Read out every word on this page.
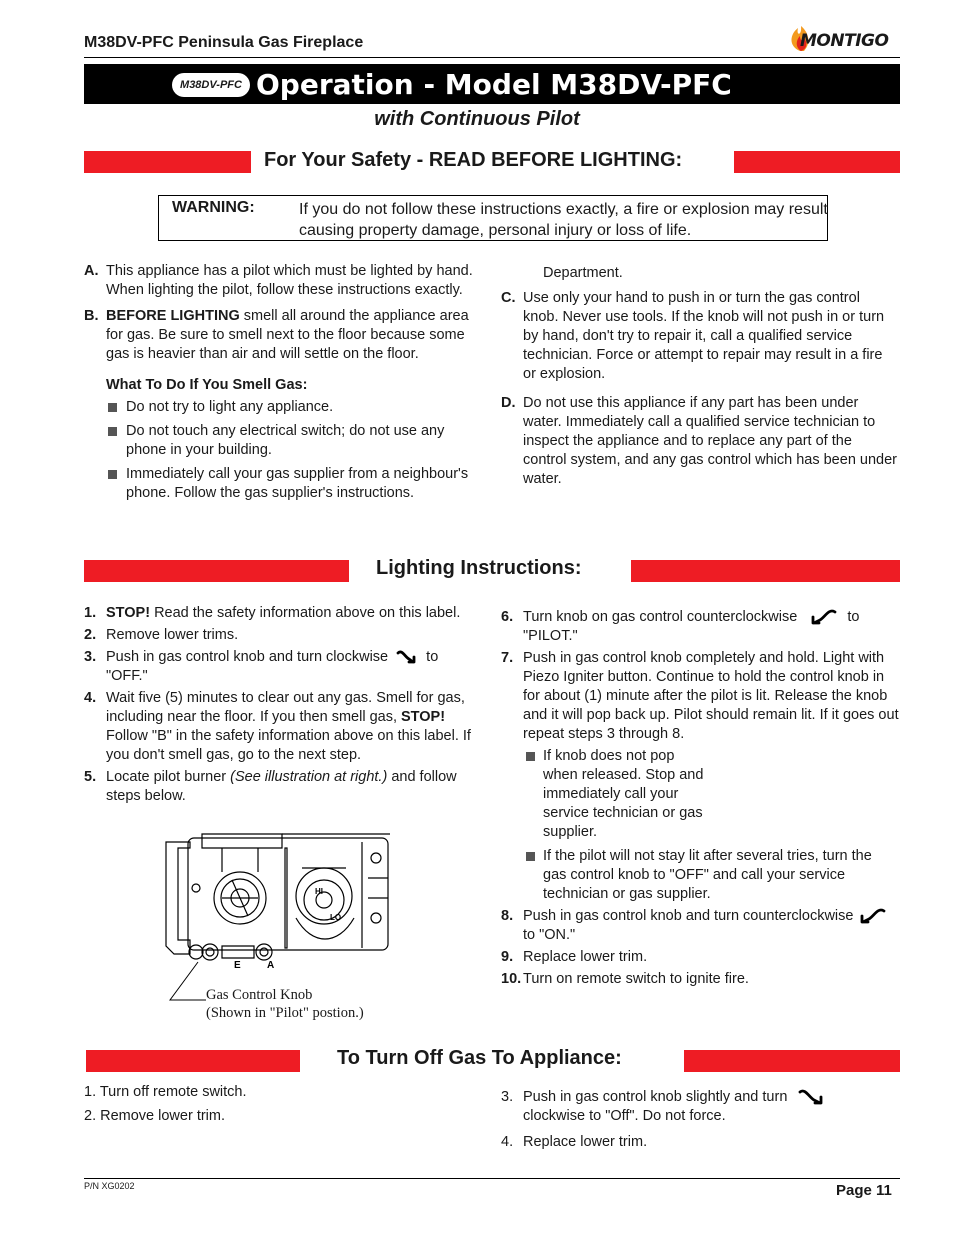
M38DV-PFC Peninsula Gas Fireplace	MONTIGO
M38DV-PFC Operation - Model M38DV-PFC
with Continuous Pilot
For Your Safety - READ BEFORE LIGHTING:
WARNING:	If you do not follow these instructions exactly, a fire or explosion may result causing property damage, personal injury or loss of life.
A. This appliance has a pilot which must be lighted by hand. When lighting the pilot, follow these instructions exactly.
B. BEFORE LIGHTING smell all around the appliance area for gas. Be sure to smell next to the floor because some gas is heavier than air and will settle on the floor.
What To Do If You Smell Gas:
Do not try to light any appliance.
Do not touch any electrical switch; do not use any phone in your building.
Immediately call your gas supplier from a neighbour's phone. Follow the gas supplier's instructions.
Department.
C. Use only your hand to push in or turn the gas control knob. Never use tools. If the knob will not push in or turn by hand, don't try to repair it, call a qualified service technician. Force or attempt to repair may result in a fire or explosion.
D. Do not use this appliance if any part has been under water. Immediately call a qualified service technician to inspect the appliance and to replace any part of the control system, and any gas control which has been under water.
Lighting Instructions:
1. STOP! Read the safety information above on this label.
2. Remove lower trims.
3. Push in gas control knob and turn clockwise	to "OFF."
4. Wait five (5) minutes to clear out any gas. Smell for gas, including near the floor. If you then smell gas, STOP! Follow "B" in the safety information above on this label. If you don't smell gas, go to the next step.
5. Locate pilot burner (See illustration at right.) and follow steps below.
E	A
HI
LO
Gas Control Knob
(Shown in "Pilot" postion.)
6. Turn knob on gas control counterclockwise	to "PILOT."
7. Push in gas control knob completely and hold. Light with Piezo Igniter button. Continue to hold the control knob in for about (1) minute after the pilot is lit. Release the knob and it will pop back up. Pilot should remain lit. If it goes out repeat steps 3 through 8.
If knob does not pop when released. Stop and immediately call your service technician or gas supplier.
If the pilot will not stay lit after several tries, turn the gas control knob to "OFF" and call your service technician or gas supplier.
8. Push in gas control knob and turn counterclockwise  to "ON."
9. Replace lower trim.
10. Turn on remote switch to ignite fire.
To Turn Off Gas To Appliance:
1. Turn off remote switch.
2. Remove lower trim.
3. Push in gas control knob slightly and turn  clockwise to "Off". Do not force.
4. Replace lower trim.
P/N XG0202	Page 11
